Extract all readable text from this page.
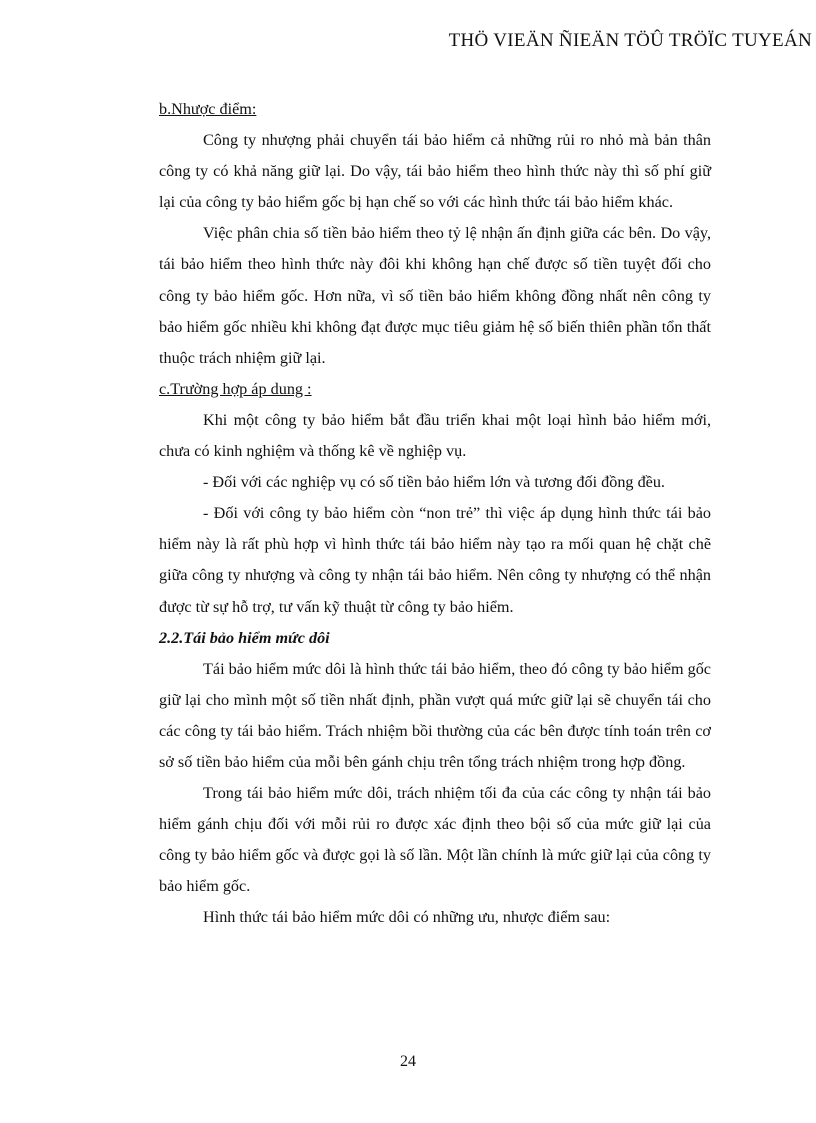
THÖ VIEÄN ÑIEÄN TÖÛ TRÖÏC TUYEÁN

b.Nhược điểm:

Công ty nhượng phải chuyển tái bảo hiểm cả những rủi ro nhỏ mà bản thân công ty có khả năng giữ lại. Do vậy, tái bảo hiểm theo hình thức này thì số phí giữ lại của công ty bảo hiểm gốc bị hạn chế so với các hình thức tái bảo hiểm khác.

Việc phân chia số tiền bảo hiểm theo tỷ lệ nhận ấn định giữa các bên. Do vậy, tái bảo hiểm theo hình thức này đôi khi không hạn chế được số tiền tuyệt đối cho công ty bảo hiểm gốc. Hơn nữa, vì số tiền bảo hiểm không đồng nhất nên công ty bảo hiểm gốc nhiều khi không đạt được mục tiêu giảm hệ số biến thiên phần tổn thất thuộc trách nhiệm giữ lại.

c.Trường hợp áp dung :

Khi một công ty bảo hiểm bắt đầu triển khai một loại hình bảo hiểm mới, chưa có kinh nghiệm và thống kê về nghiệp vụ.

- Đối với các nghiệp vụ có số tiền bảo hiểm lớn và tương đối đồng đều.

- Đối với công ty bảo hiểm còn “non trẻ” thì việc áp dụng hình thức tái bảo hiểm này là rất phù hợp vì hình thức tái bảo hiểm này tạo ra mối quan hệ chặt chẽ giữa công ty nhượng và công ty nhận tái bảo hiểm. Nên công ty nhượng có thể nhận được từ sự hỗ trợ, tư vấn kỹ thuật từ công ty bảo hiểm.

2.2.Tái bảo hiểm mức dôi

Tái bảo hiểm mức dôi là hình thức tái bảo hiểm, theo đó công ty bảo hiểm gốc giữ lại cho mình một số tiền nhất định, phần vượt quá mức giữ lại sẽ chuyển tái cho các công ty tái bảo hiểm. Trách nhiệm bồi thường của các bên được tính toán trên cơ sở số tiền bảo hiểm của mỗi bên gánh chịu trên tổng trách nhiệm trong hợp đồng.

Trong tái bảo hiểm mức dôi, trách nhiệm tối đa của các công ty nhận tái bảo hiểm gánh chịu đối với mỗi rủi ro được xác định theo bội số của mức giữ lại của công ty bảo hiểm gốc và được gọi là số lần. Một lần chính là mức giữ lại của công ty bảo hiểm gốc.

Hình thức tái bảo hiểm mức dôi có những ưu, nhược điểm sau:

24
